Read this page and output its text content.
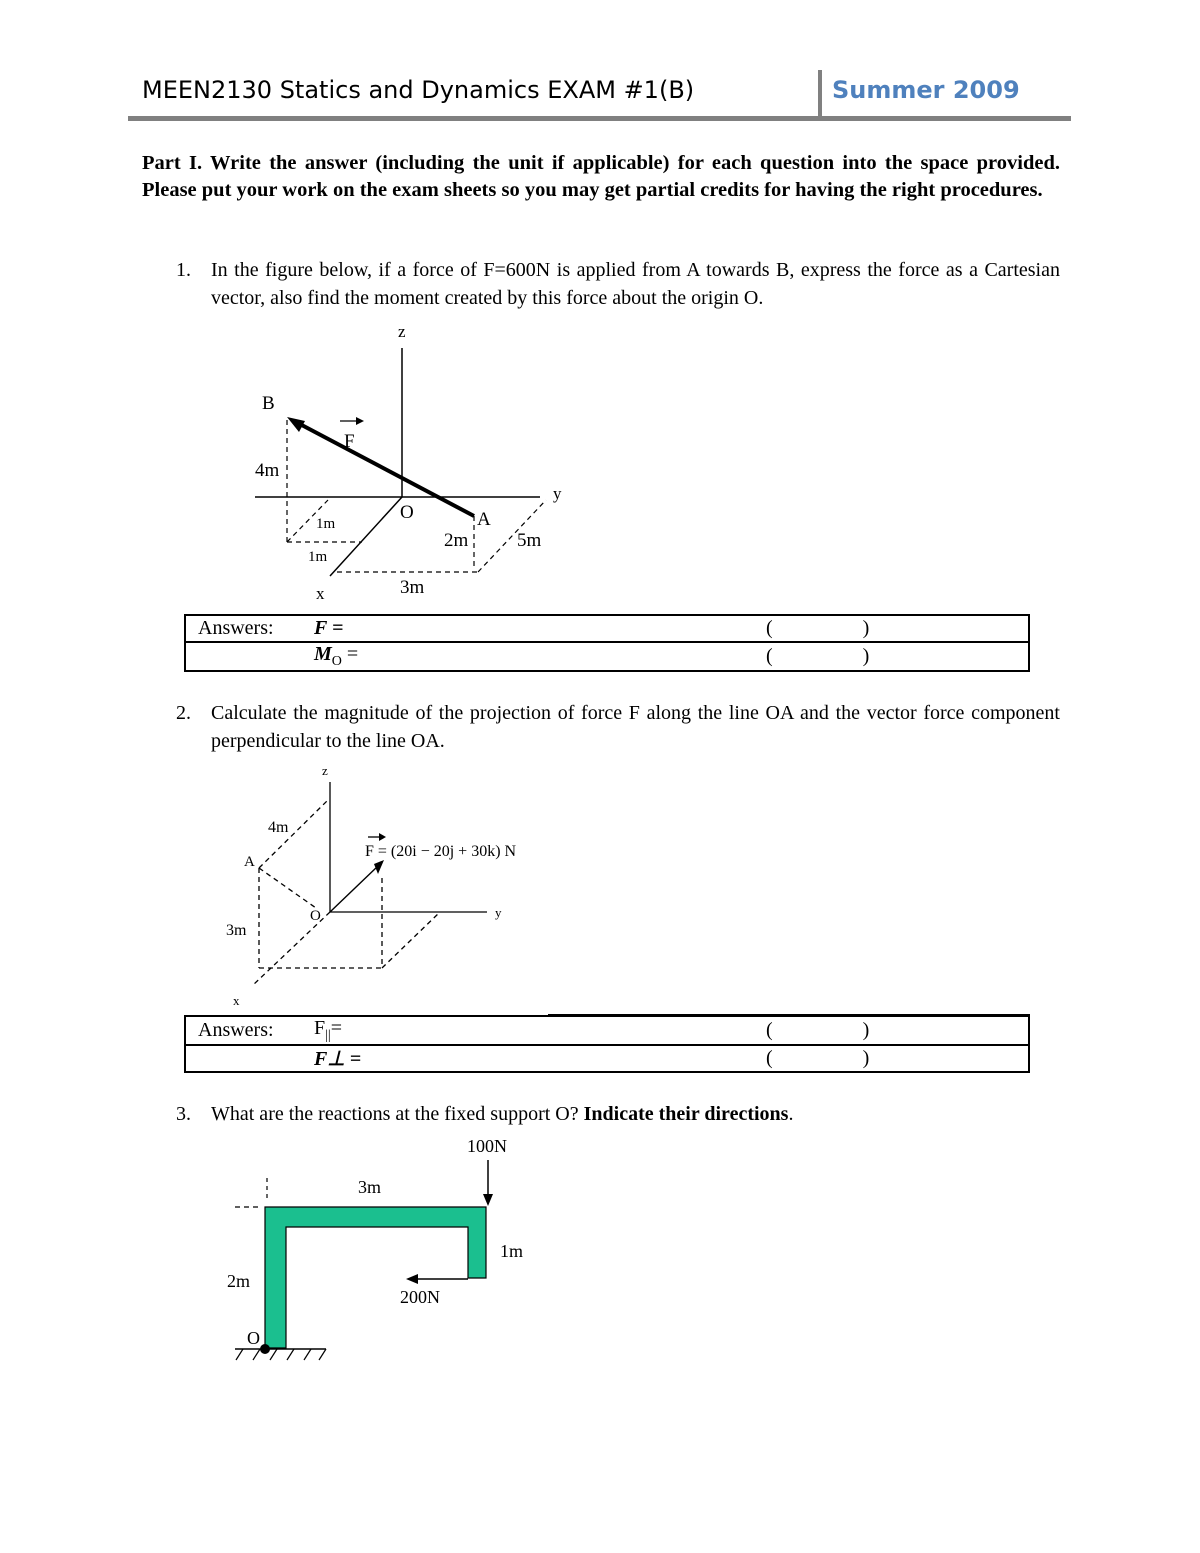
MEEN2130 Statics and Dynamics EXAM #1(B)	Summer 2009
Part I. Write the answer (including the unit if applicable) for each question into the space provided. Please put your work on the exam sheets so you may get partial credits for having the right procedures.
1.	In the figure below, if a force of F=600N is applied from A towards B, express the force as a Cartesian vector, also find the moment created by this force about the origin O.
B
F
z
y
x
O	A
4m
1m
1m
2m	5m
3m
Answers:	F =	( )
	$M_O$ =	( )
2.	Calculate the magnitude of the projection of force F along the line OA and the vector force component perpendicular to the line OA.
z
y
x
O
A
4m
3m
F = (20i − 20j + 30k) N
Answers:	$F_{||}=$	( )
	F⊥ =	( )
3.	What are the reactions at the fixed support O? Indicate their directions.
100N
200N
3m
1m
2m
O
